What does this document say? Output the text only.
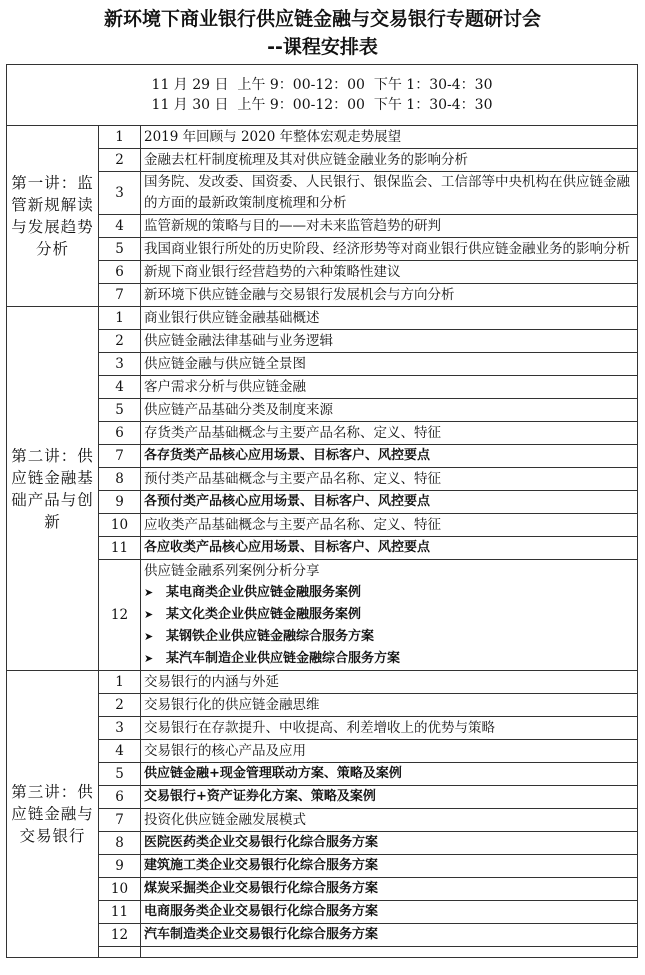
新环境下商业银行供应链金融与交易银行专题研讨会
--课程安排表
11 月 29 日  上午 9：00-12：00  下午 1：30-4：30
11 月 30 日  上午 9：00-12：00  下午 1：30-4：30		

第一讲：监管新规解读与发展趋势分析	1	2019 年回顾与 2020 年整体宏观走势展望
	2	金融去杠杆制度梳理及其对供应链金融业务的影响分析
	3	国务院、发改委、国资委、人民银行、银保监会、工信部等中央机构在供应链金融的方面的最新政策制度梳理和分析
	4	监管新规的策略与目的——对未来监管趋势的研判
	5	我国商业银行所处的历史阶段、经济形势等对商业银行供应链金融业务的影响分析
	6	新规下商业银行经营趋势的六种策略性建议
	7	新环境下供应链金融与交易银行发展机会与方向分析
第二讲：供应链金融基础产品与创新	1	商业银行供应链金融基础概述
	2	供应链金融法律基础与业务逻辑
	3	供应链金融与供应链全景图
	4	客户需求分析与供应链金融
	5	供应链产品基础分类及制度来源
	6	存货类产品基础概念与主要产品名称、定义、特征
	7	各存货类产品核心应用场景、目标客户、风控要点
	8	预付类产品基础概念与主要产品名称、定义、特征
	9	各预付类产品核心应用场景、目标客户、风控要点
	10	应收类产品基础概念与主要产品名称、定义、特征
	11	各应收类产品核心应用场景、目标客户、风控要点
	12	供应链金融系列案例分析分享
➤ 某电商类企业供应链金融服务案例
➤ 某文化类企业供应链金融服务案例
➤ 某钢铁企业供应链金融综合服务方案
➤ 某汽车制造企业供应链金融综合服务方案

第三讲：供应链金融与交易银行	1	交易银行的内涵与外延
	2	交易银行化的供应链金融思维
	3	交易银行在存款提升、中收提高、利差增收上的优势与策略
	4	交易银行的核心产品及应用
	5	供应链金融+现金管理联动方案、策略及案例
	6	交易银行+资产证券化方案、策略及案例
	7	投资化供应链金融发展模式
	8	医院医药类企业交易银行化综合服务方案
	9	建筑施工类企业交易银行化综合服务方案
	10	煤炭采掘类企业交易银行化综合服务方案
	11	电商服务类企业交易银行化综合服务方案
	12	汽车制造类企业交易银行化综合服务方案
